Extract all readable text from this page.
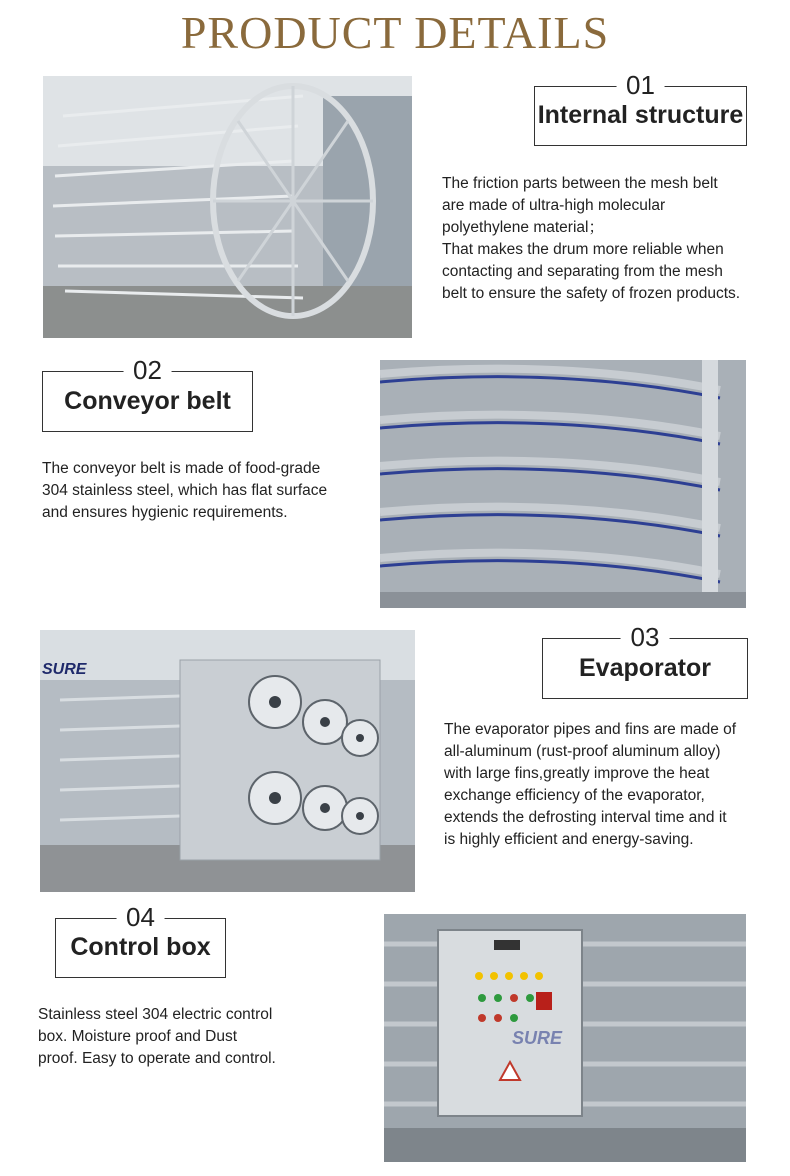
PRODUCT DETAILS
01
Internal structure

The friction parts between the mesh belt

are made of ultra-high molecular

polyethylene material；

That makes the drum more reliable when

contacting and separating from the mesh

belt to ensure the safety of frozen products.

02
Conveyor belt

The conveyor belt is made of food-grade

304 stainless steel, which has flat surface

and ensures hygienic requirements.

SURE
03
Evaporator

The evaporator pipes and fins are made of

all-aluminum (rust-proof aluminum alloy)

with large fins,greatly improve the heat

exchange efficiency of the evaporator,

extends the defrosting interval time and it

is highly efficient and energy-saving.

04
Control box

Stainless steel 304 electric control

box. Moisture proof and Dust

proof. Easy to operate and control.

SURE
